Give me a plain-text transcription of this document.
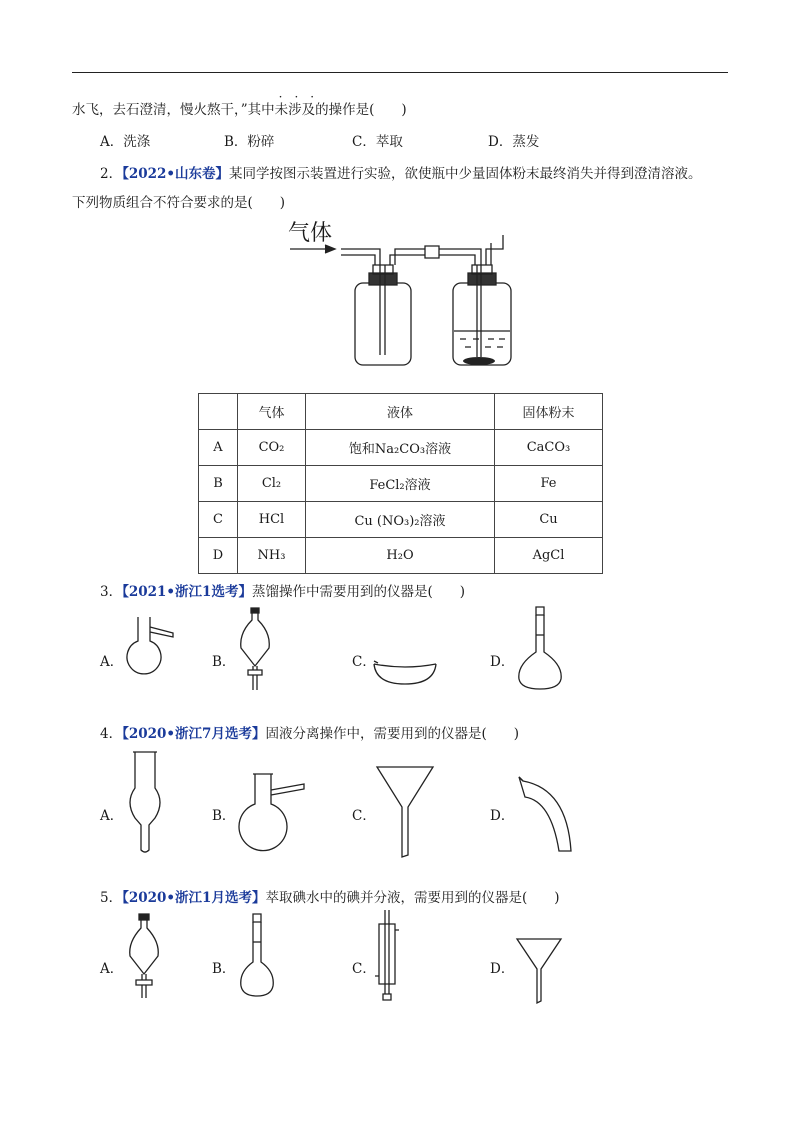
水飞，去石澄清，慢火熬干，”其中未涉及
···
的操作是(　　)
A．洗涤	B．粉碎	C．萃取	D．蒸发
2．【2022•山东卷】某同学按图示装置进行实验，欲使瓶中少量固体粉末最终消失并得到澄清溶液。
下列物质组合不符合要求的是(　　)
气体
	气体	液体	固体粉末
A	CO₂	饱和Na₂CO₃溶液	CaCO₃
B	Cl₂	FeCl₂溶液	Fe
C	HCl	Cu (NO₃)₂溶液	Cu
D	NH₃	H₂O	AgCl
3．【2021•浙江1选考】蒸馏操作中需要用到的仪器是(　　)
A．	B．	C．	D．
4．【2020•浙江7月选考】固液分离操作中，需要用到的仪器是(　　)
A．	B．	C．	D．
5．【2020•浙江1月选考】萃取碘水中的碘并分液，需要用到的仪器是(　　)
A．	B．	C．	D．
